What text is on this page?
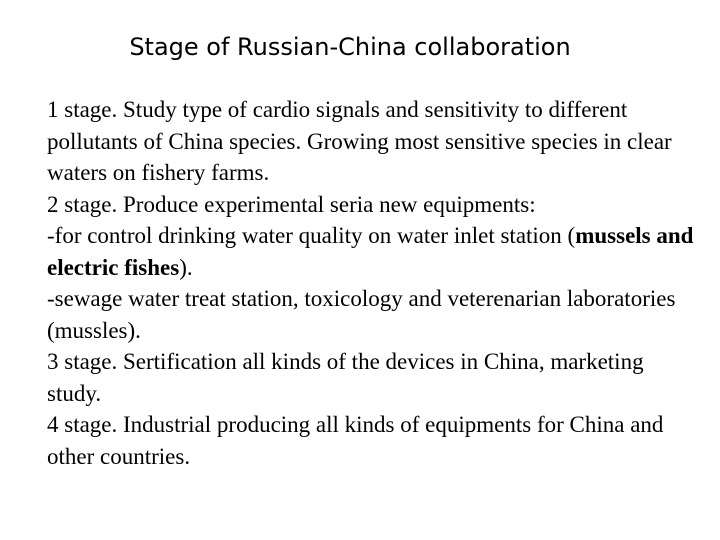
Stage of Russian-China collaboration

1 stage. Study type of cardio signals and sensitivity to different pollutants of China species. Growing most sensitive species in clear waters on fishery farms.

2 stage. Produce experimental seria new equipments:

-for control drinking water quality on water inlet station (mussels and electric fishes).

-sewage water treat station, toxicology and veterenarian laboratories (mussles).

3 stage. Sertification all kinds of the devices in China, marketing study.

4 stage. Industrial producing all kinds of equipments for China and other countries.
